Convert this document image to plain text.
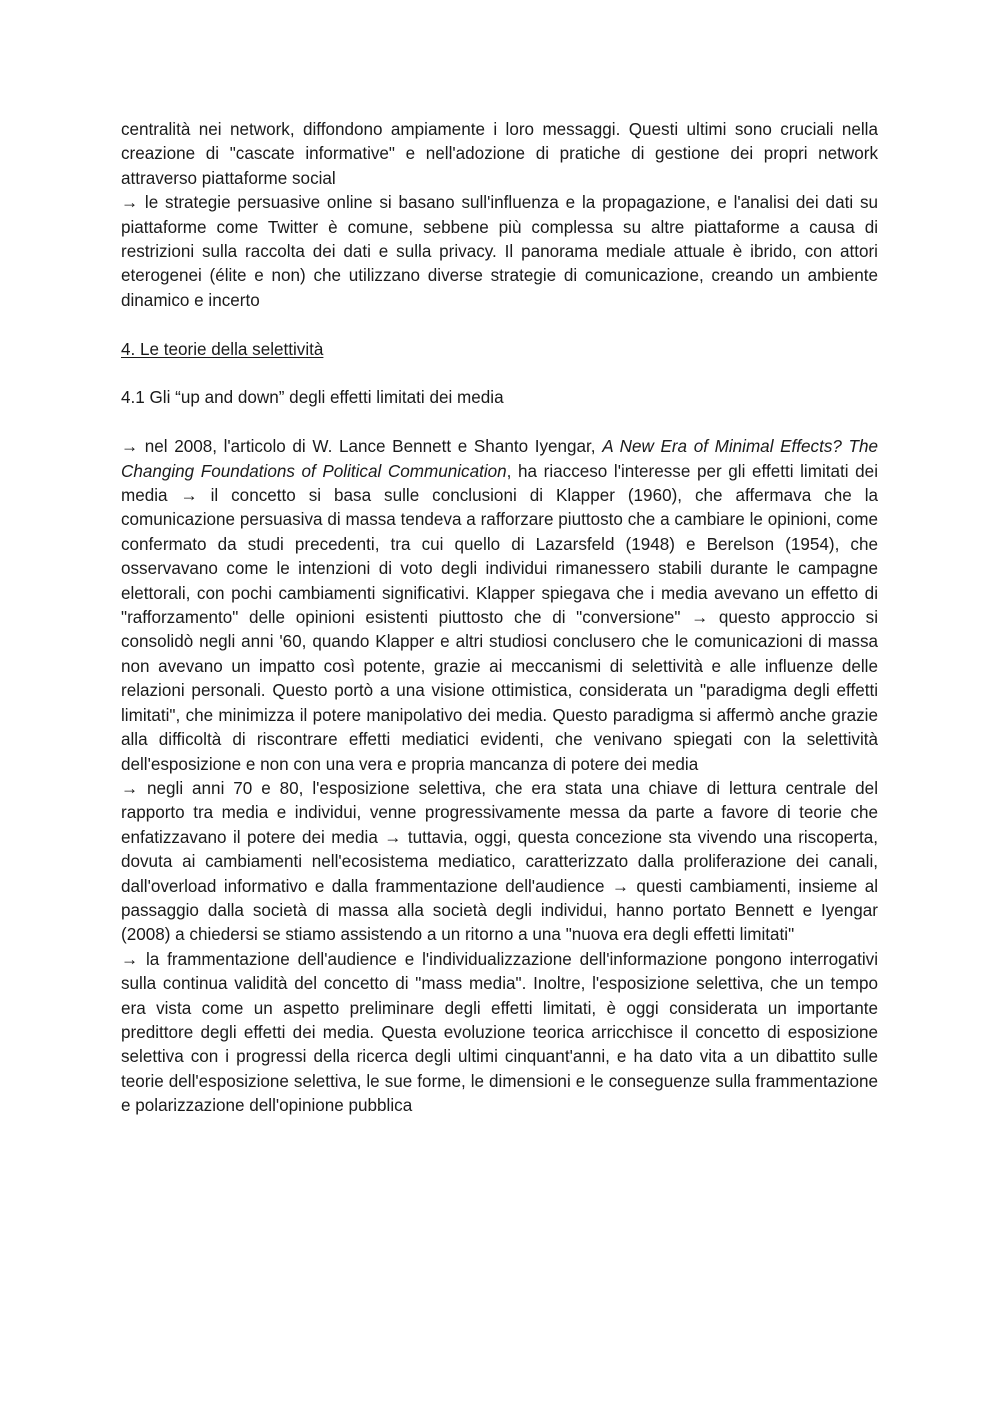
centralità nei network, diffondono ampiamente i loro messaggi. Questi ultimi sono cruciali nella creazione di "cascate informative" e nell'adozione di pratiche di gestione dei propri network attraverso piattaforme social

→ le strategie persuasive online si basano sull'influenza e la propagazione, e l'analisi dei dati su piattaforme come Twitter è comune, sebbene più complessa su altre piattaforme a causa di restrizioni sulla raccolta dei dati e sulla privacy. Il panorama mediale attuale è ibrido, con attori eterogenei (élite e non) che utilizzano diverse strategie di comunicazione, creando un ambiente dinamico e incerto

4. Le teorie della selettività

4.1 Gli “up and down” degli effetti limitati dei media

→ nel 2008, l'articolo di W. Lance Bennett e Shanto Iyengar, A New Era of Minimal Effects? The Changing Foundations of Political Communication, ha riacceso l'interesse per gli effetti limitati dei media → il concetto si basa sulle conclusioni di Klapper (1960), che affermava che la comunicazione persuasiva di massa tendeva a rafforzare piuttosto che a cambiare le opinioni, come confermato da studi precedenti, tra cui quello di Lazarsfeld (1948) e Berelson (1954), che osservavano come le intenzioni di voto degli individui rimanessero stabili durante le campagne elettorali, con pochi cambiamenti significativi. Klapper spiegava che i media avevano un effetto di "rafforzamento" delle opinioni esistenti piuttosto che di "conversione" → questo approccio si consolidò negli anni '60, quando Klapper e altri studiosi conclusero che le comunicazioni di massa non avevano un impatto così potente, grazie ai meccanismi di selettività e alle influenze delle relazioni personali. Questo portò a una visione ottimistica, considerata un "paradigma degli effetti limitati", che minimizza il potere manipolativo dei media. Questo paradigma si affermò anche grazie alla difficoltà di riscontrare effetti mediatici evidenti, che venivano spiegati con la selettività dell'esposizione e non con una vera e propria mancanza di potere dei media

→ negli anni 70 e 80, l'esposizione selettiva, che era stata una chiave di lettura centrale del rapporto tra media e individui, venne progressivamente messa da parte a favore di teorie che enfatizzavano il potere dei media → tuttavia, oggi, questa concezione sta vivendo una riscoperta, dovuta ai cambiamenti nell'ecosistema mediatico, caratterizzato dalla proliferazione dei canali, dall'overload informativo e dalla frammentazione dell'audience → questi cambiamenti, insieme al passaggio dalla società di massa alla società degli individui, hanno portato Bennett e Iyengar (2008) a chiedersi se stiamo assistendo a un ritorno a una "nuova era degli effetti limitati"

→ la frammentazione dell'audience e l'individualizzazione dell'informazione pongono interrogativi sulla continua validità del concetto di "mass media". Inoltre, l'esposizione selettiva, che un tempo era vista come un aspetto preliminare degli effetti limitati, è oggi considerata un importante predittore degli effetti dei media. Questa evoluzione teorica arricchisce il concetto di esposizione selettiva con i progressi della ricerca degli ultimi cinquant'anni, e ha dato vita a un dibattito sulle teorie dell'esposizione selettiva, le sue forme, le dimensioni e le conseguenze sulla frammentazione e polarizzazione dell'opinione pubblica
